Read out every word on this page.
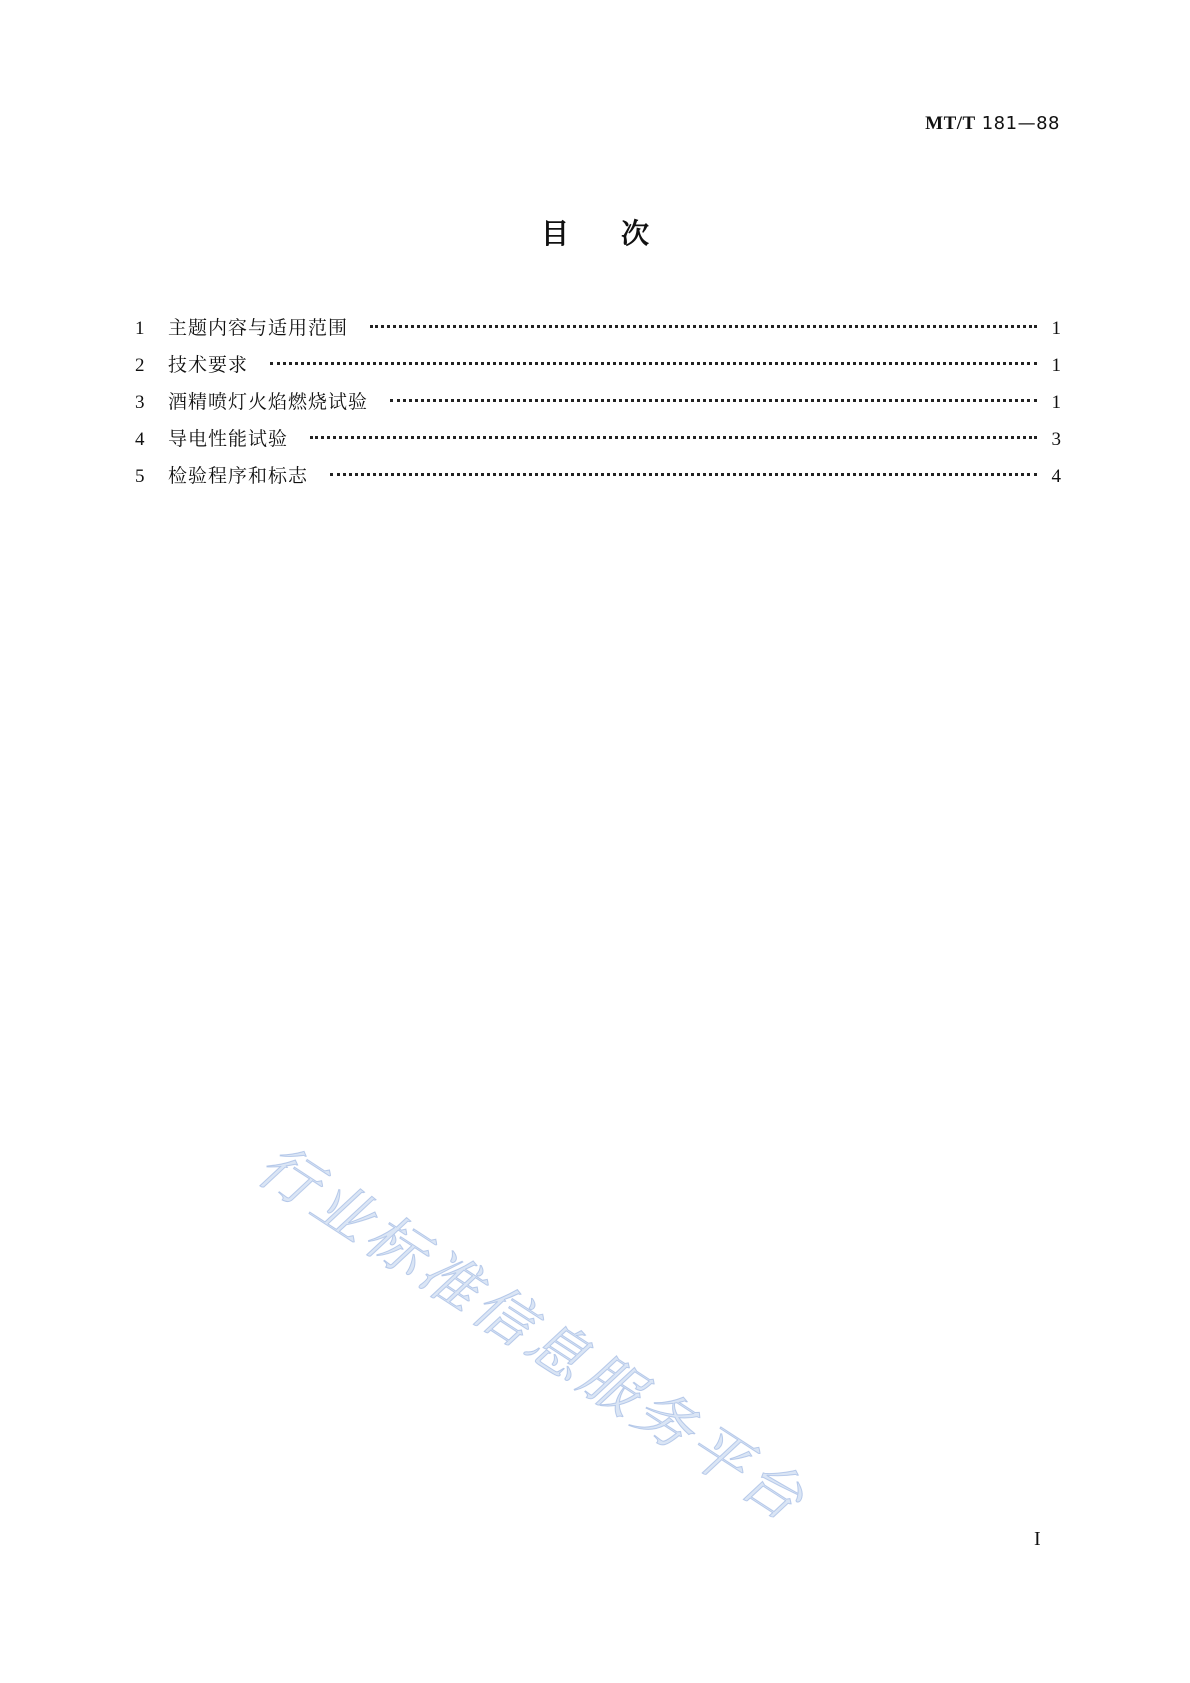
MT/T 181—88
目次
1	主题内容与适用范围	1
2	技术要求	1
3	酒精喷灯火焰燃烧试验	1
4	导电性能试验	3
5	检验程序和标志	4
行业标准信息服务平台
I
